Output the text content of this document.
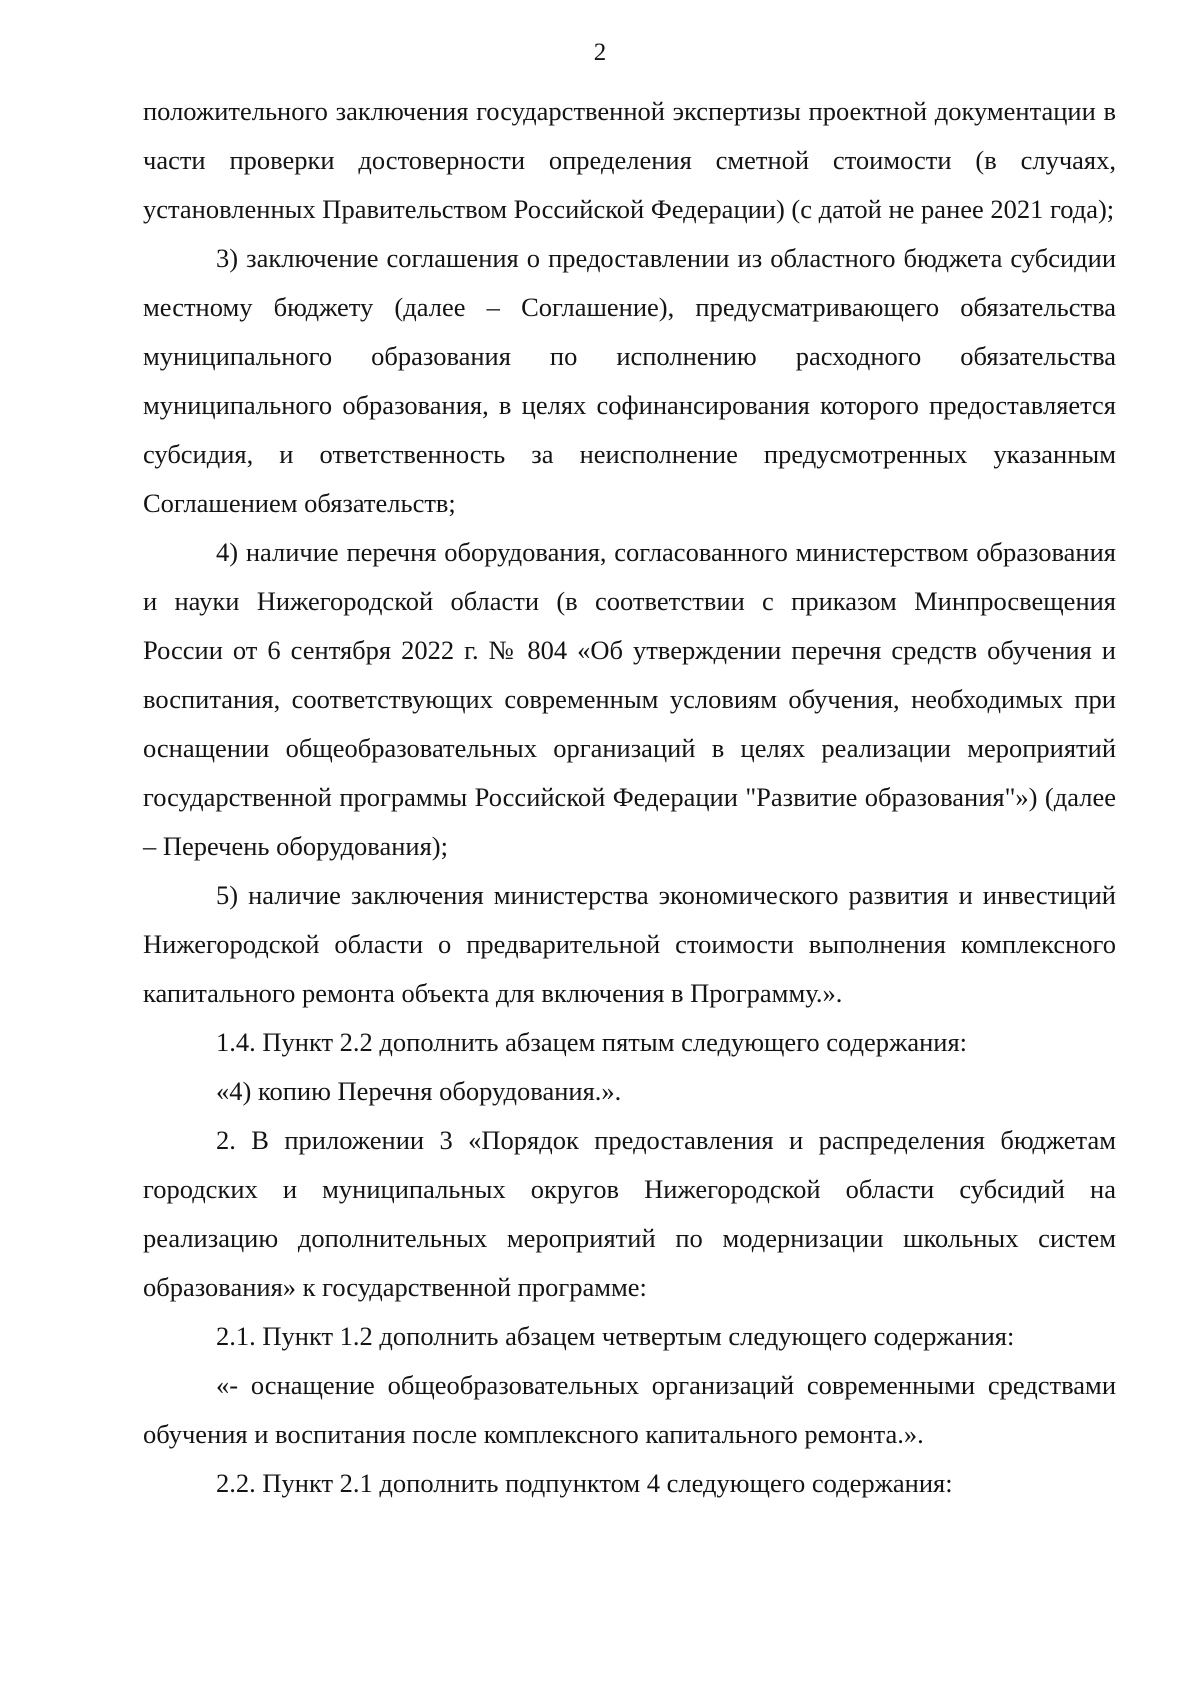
2

положительного заключения государственной экспертизы проектной документации в части проверки достоверности определения сметной стоимости (в случаях, установленных Правительством Российской Федерации) (с датой не ранее 2021 года);

3) заключение соглашения о предоставлении из областного бюджета субсидии местному бюджету (далее – Соглашение), предусматривающего обязательства муниципального образования по исполнению расходного обязательства муниципального образования, в целях софинансирования которого предоставляется субсидия, и ответственность за неисполнение предусмотренных указанным Соглашением обязательств;

4) наличие перечня оборудования, согласованного министерством образования и науки Нижегородской области (в соответствии с приказом Минпросвещения России от 6 сентября 2022 г. № 804 «Об утверждении перечня средств обучения и воспитания, соответствующих современным условиям обучения, необходимых при оснащении общеобразовательных организаций в целях реализации мероприятий государственной программы Российской Федерации "Развитие образования"») (далее – Перечень оборудования);

5) наличие заключения министерства экономического развития и инвестиций Нижегородской области о предварительной стоимости выполнения комплексного капитального ремонта объекта для включения в Программу.».

1.4. Пункт 2.2 дополнить абзацем пятым следующего содержания:

«4) копию Перечня оборудования.».

2. В приложении 3 «Порядок предоставления и распределения бюджетам городских и муниципальных округов Нижегородской области субсидий на реализацию дополнительных мероприятий по модернизации школьных систем образования» к государственной программе:

2.1. Пункт 1.2 дополнить абзацем четвертым следующего содержания:

«- оснащение общеобразовательных организаций современными средствами обучения и воспитания после комплексного капитального ремонта.».

2.2. Пункт 2.1 дополнить подпунктом 4 следующего содержания:
